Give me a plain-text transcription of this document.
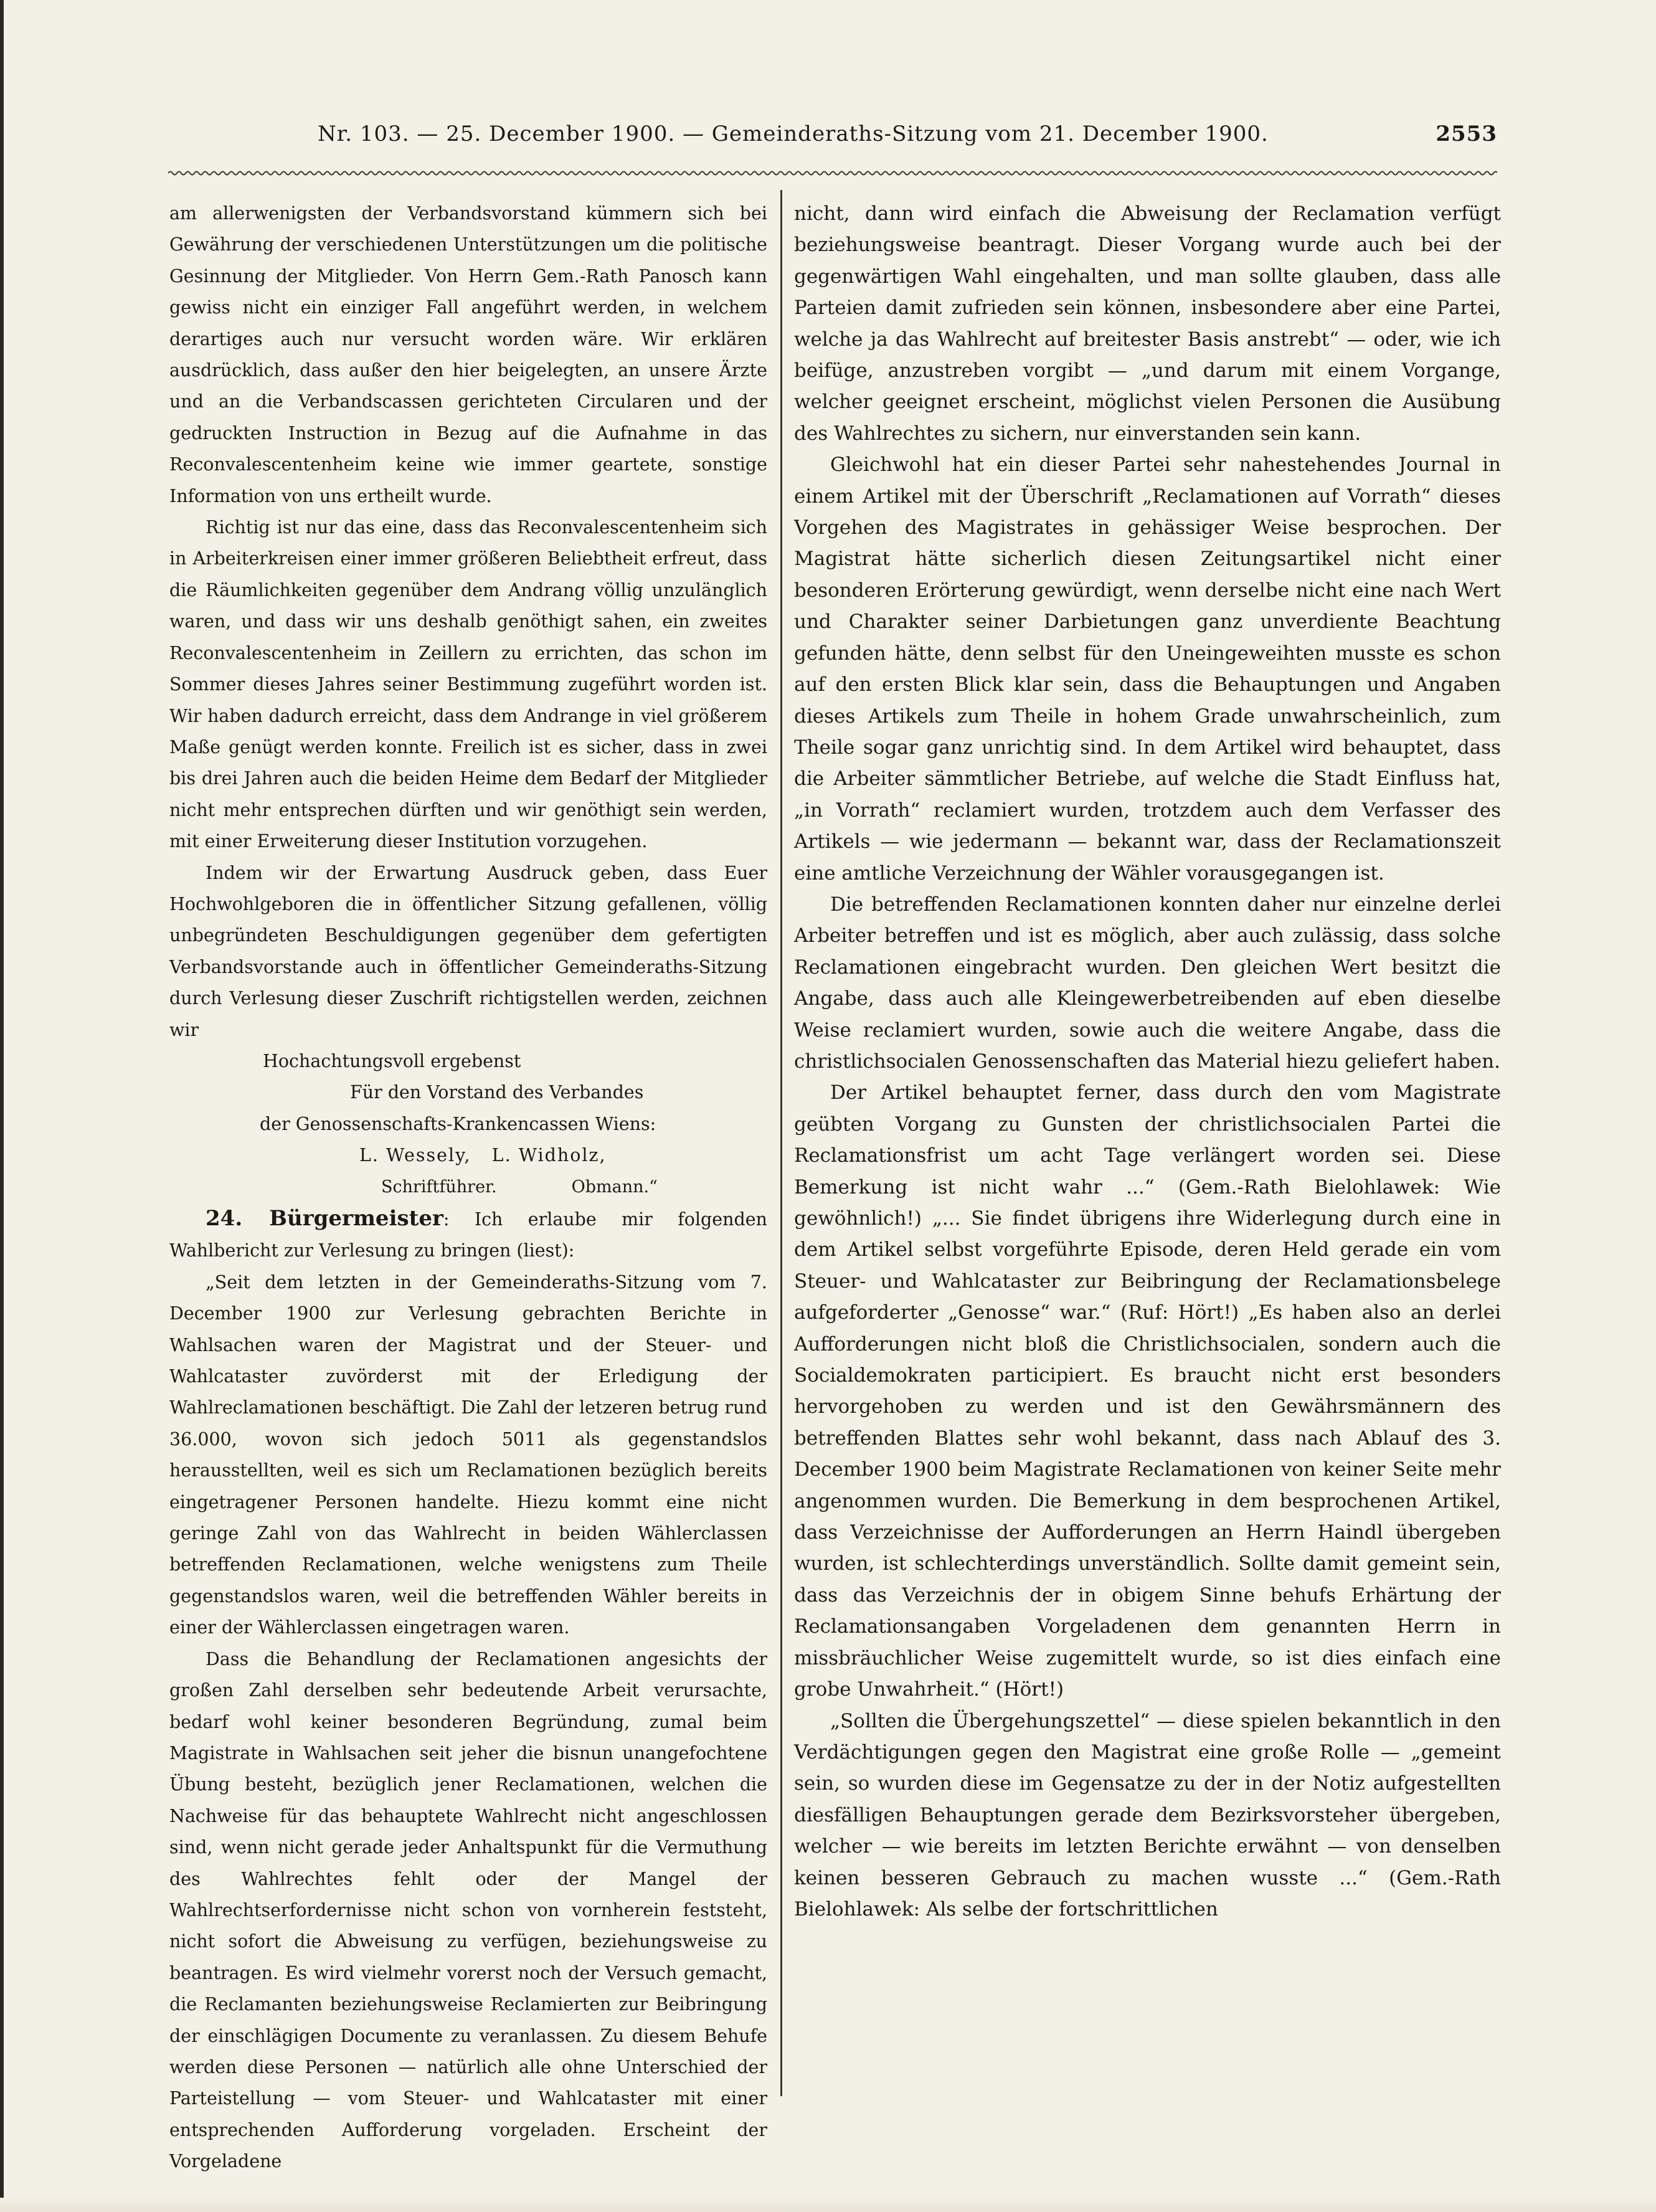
Nr. 103. — 25. December 1900. — Gemeinderaths-Sitzung vom 21. December 1900.	2553

am allerwenigsten der Verbandsvorstand kümmern sich bei Gewährung der verschiedenen Unterstützungen um die politische Gesinnung der Mitglieder. Von Herrn Gem.-Rath Panosch kann gewiss nicht ein einziger Fall angeführt werden, in welchem derartiges auch nur versucht worden wäre. Wir erklären ausdrücklich, dass außer den hier beigelegten, an unsere Ärzte und an die Verbandscassen gerichteten Circularen und der gedruckten Instruction in Bezug auf die Aufnahme in das Reconvalescentenheim keine wie immer geartete, sonstige Information von uns ertheilt wurde.

Richtig ist nur das eine, dass das Reconvalescentenheim sich in Arbeiterkreisen einer immer größeren Beliebtheit erfreut, dass die Räumlichkeiten gegenüber dem Andrang völlig unzulänglich waren, und dass wir uns deshalb genöthigt sahen, ein zweites Reconvalescentenheim in Zeillern zu errichten, das schon im Sommer dieses Jahres seiner Bestimmung zugeführt worden ist. Wir haben dadurch erreicht, dass dem Andrange in viel größerem Maße genügt werden konnte. Freilich ist es sicher, dass in zwei bis drei Jahren auch die beiden Heime dem Bedarf der Mitglieder nicht mehr entsprechen dürften und wir genöthigt sein werden, mit einer Erweiterung dieser Institution vorzugehen.

Indem wir der Erwartung Ausdruck geben, dass Euer Hochwohlgeboren die in öffentlicher Sitzung gefallenen, völlig unbegründeten Beschuldigungen gegenüber dem gefertigten Verbandsvorstande auch in öffentlicher Gemeinderaths-Sitzung durch Verlesung dieser Zuschrift richtigstellen werden, zeichnen wir

Hochachtungsvoll ergebenst

Für den Vorstand des Verbandes

der Genossenschafts-Krankencassen Wiens:

L. Wessely,   L. Widholz,

Schriftführer.	Obmann.“

24. Bürgermeister: Ich erlaube mir folgenden Wahlbericht zur Verlesung zu bringen (liest):

„Seit dem letzten in der Gemeinderaths-Sitzung vom 7. December 1900 zur Verlesung gebrachten Berichte in Wahlsachen waren der Magistrat und der Steuer- und Wahlcataster zuvörderst mit der Erledigung der Wahlreclamationen beschäftigt. Die Zahl der letzeren betrug rund 36.000, wovon sich jedoch 5011 als gegenstandslos herausstellten, weil es sich um Reclamationen bezüglich bereits eingetragener Personen handelte. Hiezu kommt eine nicht geringe Zahl von das Wahlrecht in beiden Wählerclassen betreffenden Reclamationen, welche wenigstens zum Theile gegenstandslos waren, weil die betreffenden Wähler bereits in einer der Wählerclassen eingetragen waren.

Dass die Behandlung der Reclamationen angesichts der großen Zahl derselben sehr bedeutende Arbeit verursachte, bedarf wohl keiner besonderen Begründung, zumal beim Magistrate in Wahlsachen seit jeher die bisnun unangefochtene Übung besteht, bezüglich jener Reclamationen, welchen die Nachweise für das behauptete Wahlrecht nicht angeschlossen sind, wenn nicht gerade jeder Anhaltspunkt für die Vermuthung des Wahlrechtes fehlt oder der Mangel der Wahlrechtserfordernisse nicht schon von vornherein feststeht, nicht sofort die Abweisung zu verfügen, beziehungsweise zu beantragen. Es wird vielmehr vorerst noch der Versuch gemacht, die Reclamanten beziehungsweise Reclamierten zur Beibringung der einschlägigen Documente zu veranlassen. Zu diesem Behufe werden diese Personen — natürlich alle ohne Unterschied der Parteistellung — vom Steuer- und Wahlcataster mit einer entsprechenden Aufforderung vorgeladen. Erscheint der Vorgeladene

nicht, dann wird einfach die Abweisung der Reclamation verfügt beziehungsweise beantragt. Dieser Vorgang wurde auch bei der gegenwärtigen Wahl eingehalten, und man sollte glauben, dass alle Parteien damit zufrieden sein können, insbesondere aber eine Partei, welche ja das Wahlrecht auf breitester Basis anstrebt“ — oder, wie ich beifüge, anzustreben vorgibt — „und darum mit einem Vorgange, welcher geeignet erscheint, möglichst vielen Personen die Ausübung des Wahlrechtes zu sichern, nur einverstanden sein kann.

Gleichwohl hat ein dieser Partei sehr nahestehendes Journal in einem Artikel mit der Überschrift „Reclamationen auf Vorrath“ dieses Vorgehen des Magistrates in gehässiger Weise besprochen. Der Magistrat hätte sicherlich diesen Zeitungsartikel nicht einer besonderen Erörterung gewürdigt, wenn derselbe nicht eine nach Wert und Charakter seiner Darbietungen ganz unverdiente Beachtung gefunden hätte, denn selbst für den Uneingeweihten musste es schon auf den ersten Blick klar sein, dass die Behauptungen und Angaben dieses Artikels zum Theile in hohem Grade unwahrscheinlich, zum Theile sogar ganz unrichtig sind. In dem Artikel wird behauptet, dass die Arbeiter sämmtlicher Betriebe, auf welche die Stadt Einfluss hat, „in Vorrath“ reclamiert wurden, trotzdem auch dem Verfasser des Artikels — wie jedermann — bekannt war, dass der Reclamationszeit eine amtliche Verzeichnung der Wähler vorausgegangen ist.

Die betreffenden Reclamationen konnten daher nur einzelne derlei Arbeiter betreffen und ist es möglich, aber auch zulässig, dass solche Reclamationen eingebracht wurden. Den gleichen Wert besitzt die Angabe, dass auch alle Kleingewerbetreibenden auf eben dieselbe Weise reclamiert wurden, sowie auch die weitere Angabe, dass die christlichsocialen Genossenschaften das Material hiezu geliefert haben.

Der Artikel behauptet ferner, dass durch den vom Magistrate geübten Vorgang zu Gunsten der christlichsocialen Partei die Reclamationsfrist um acht Tage verlängert worden sei. Diese Bemerkung ist nicht wahr ...“ (Gem.-Rath Bielohlawek: Wie gewöhnlich!) „... Sie findet übrigens ihre Widerlegung durch eine in dem Artikel selbst vorgeführte Episode, deren Held gerade ein vom Steuer- und Wahlcataster zur Beibringung der Reclamationsbelege aufgeforderter „Genosse“ war.“ (Ruf: Hört!) „Es haben also an derlei Aufforderungen nicht bloß die Christlichsocialen, sondern auch die Socialdemokraten participiert. Es braucht nicht erst besonders hervorgehoben zu werden und ist den Gewährsmännern des betreffenden Blattes sehr wohl bekannt, dass nach Ablauf des 3. December 1900 beim Magistrate Reclamationen von keiner Seite mehr angenommen wurden. Die Bemerkung in dem besprochenen Artikel, dass Verzeichnisse der Aufforderungen an Herrn Haindl übergeben wurden, ist schlechterdings unverständlich. Sollte damit gemeint sein, dass das Verzeichnis der in obigem Sinne behufs Erhärtung der Reclamationsangaben Vorgeladenen dem genannten Herrn in missbräuchlicher Weise zugemittelt wurde, so ist dies einfach eine grobe Unwahrheit.“ (Hört!)

„Sollten die Übergehungszettel“ — diese spielen bekanntlich in den Verdächtigungen gegen den Magistrat eine große Rolle — „gemeint sein, so wurden diese im Gegensatze zu der in der Notiz aufgestellten diesfälligen Behauptungen gerade dem Bezirksvorsteher übergeben, welcher — wie bereits im letzten Berichte erwähnt — von denselben keinen besseren Gebrauch zu machen wusste ...“ (Gem.-Rath Bielohlawek: Als selbe der fortschrittlichen
